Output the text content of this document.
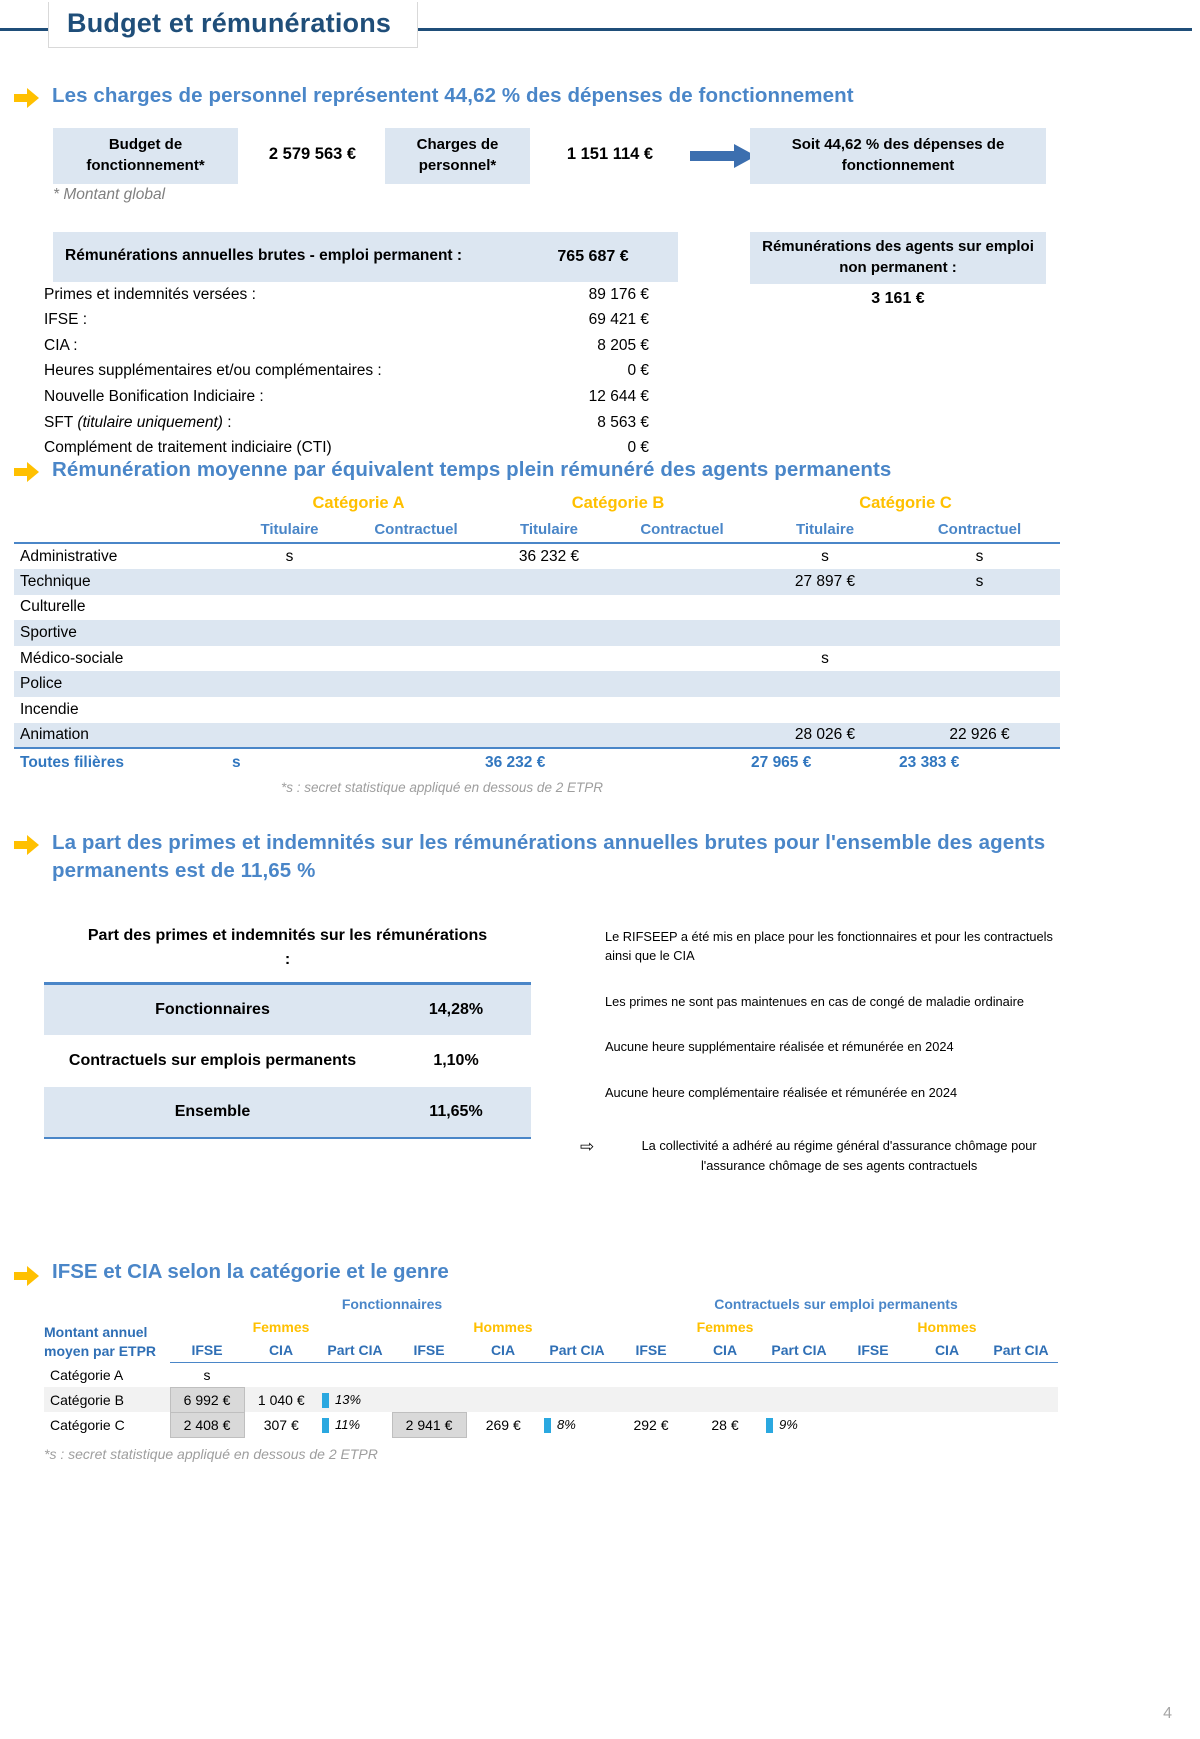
Budget et rémunérations
Les charges de personnel représentent 44,62 % des dépenses de fonctionnement
Budget de fonctionnement*
2 579 563 €	Charges de personnel*
1 151 114 €	Soit 44,62 % des dépenses de fonctionnement
* Montant global
Rémunérations annuelles brutes - emploi permanent :	765 687 €
Primes et indemnités versées :	89 176 €
IFSE :	69 421 €
CIA :	8 205 €
Heures supplémentaires et/ou complémentaires :	0 €
Nouvelle Bonification Indiciaire :	12 644 €
SFT (titulaire uniquement) :	8 563 €
Complément de traitement indiciaire (CTI)	0 €
Rémunérations des agents sur emploi non permanent :
3 161 €
Rémunération moyenne par équivalent temps plein rémunéré des agents permanents
	Catégorie A		Catégorie B		Catégorie C	
	Titulaire	Contractuel	Titulaire	Contractuel	Titulaire	Contractuel
Administrative	s		36 232 €		s	s
Technique					27 897 €	s
Culturelle						
Sportive						
Médico-sociale					s	
Police						
Incendie						
Animation					28 026 €	22 926 €
Toutes filières	s		36 232 €		27 965 €	23 383 €
*s : secret statistique appliqué en dessous de 2 ETPR
La part des primes et indemnités sur les rémunérations annuelles brutes pour l'ensemble des agents permanents est de 11,65 %
Part des primes et indemnités sur les rémunérations :
Fonctionnaires	14,28%
Contractuels sur emplois permanents	1,10%
Ensemble	11,65%

Le RIFSEEP a été mis en place pour les fonctionnaires et pour les contractuels ainsi que le CIA

Les primes ne sont pas maintenues en cas de congé de maladie ordinaire

Aucune heure supplémentaire réalisée et rémunérée en 2024

Aucune heure complémentaire réalisée et rémunérée en 2024

⇨	La collectivité a adhéré au régime général d'assurance chômage pour l'assurance chômage de ses agents contractuels
IFSE et CIA selon la catégorie et le genre
Montant annuel moyen par ETPR	Fonctionnaires						Contractuels sur emploi permanents					
	Femmes			Hommes			Femmes			Hommes		
	IFSE	CIA	Part CIA	IFSE	CIA	Part CIA	IFSE	CIA	Part CIA	IFSE	CIA	Part CIA
Catégorie A	s											
Catégorie B	6 992 €	1 040 €	13%									
Catégorie C	2 408 €	307 €	11%	2 941 €	269 €	8%	292 €	28 €	9%			
*s : secret statistique appliqué en dessous de 2 ETPR
4
